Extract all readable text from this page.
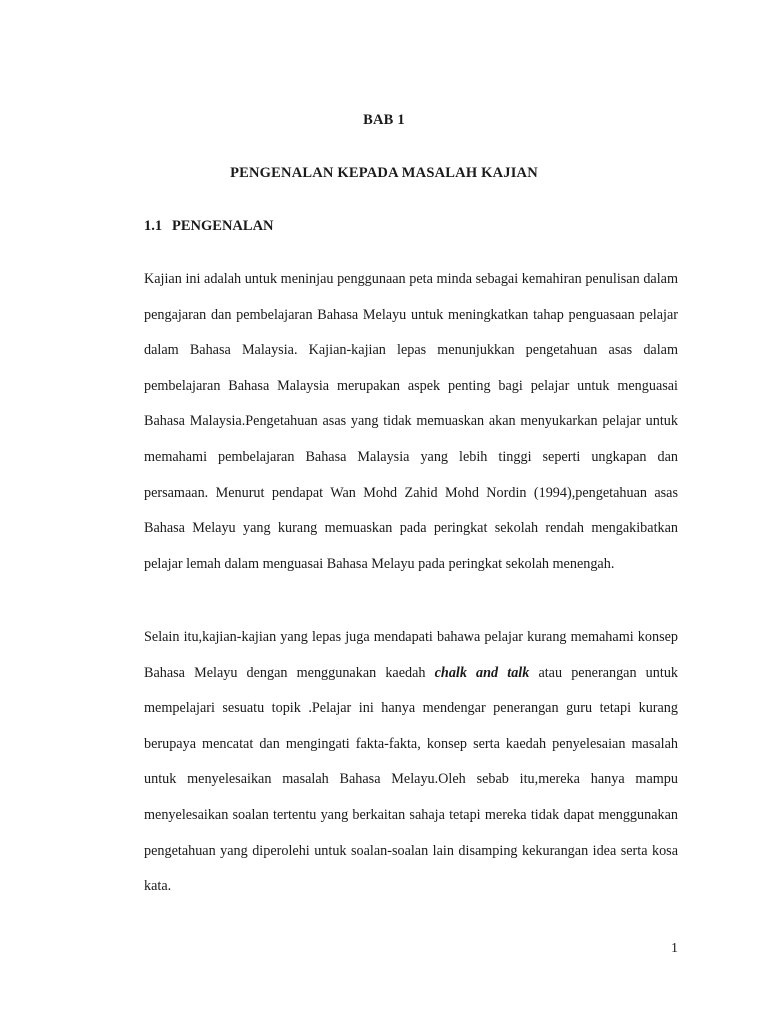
BAB 1
PENGENALAN KEPADA MASALAH KAJIAN
1.1 PENGENALAN

Kajian ini adalah untuk meninjau penggunaan peta minda sebagai kemahiran penulisan dalam pengajaran dan pembelajaran Bahasa Melayu untuk meningkatkan tahap penguasaan pelajar dalam Bahasa Malaysia. Kajian-kajian lepas menunjukkan pengetahuan asas dalam pembelajaran Bahasa Malaysia merupakan aspek penting bagi pelajar untuk menguasai Bahasa Malaysia.Pengetahuan asas yang tidak memuaskan akan menyukarkan pelajar untuk memahami pembelajaran Bahasa Malaysia yang lebih tinggi seperti ungkapan dan persamaan. Menurut pendapat Wan Mohd Zahid Mohd Nordin (1994),pengetahuan asas Bahasa Melayu yang kurang memuaskan pada peringkat sekolah rendah mengakibatkan pelajar lemah dalam menguasai Bahasa Melayu pada peringkat sekolah menengah.

Selain itu,kajian-kajian yang lepas juga mendapati bahawa pelajar kurang memahami konsep Bahasa Melayu dengan menggunakan kaedah chalk and talk atau penerangan untuk mempelajari sesuatu topik .Pelajar ini hanya mendengar penerangan guru tetapi kurang berupaya mencatat dan mengingati fakta-fakta, konsep serta kaedah penyelesaian masalah untuk menyelesaikan masalah Bahasa Melayu.Oleh sebab itu,mereka hanya mampu menyelesaikan soalan tertentu yang berkaitan sahaja tetapi mereka tidak dapat menggunakan pengetahuan yang diperolehi untuk soalan-soalan lain disamping kekurangan idea serta kosa kata.

1
